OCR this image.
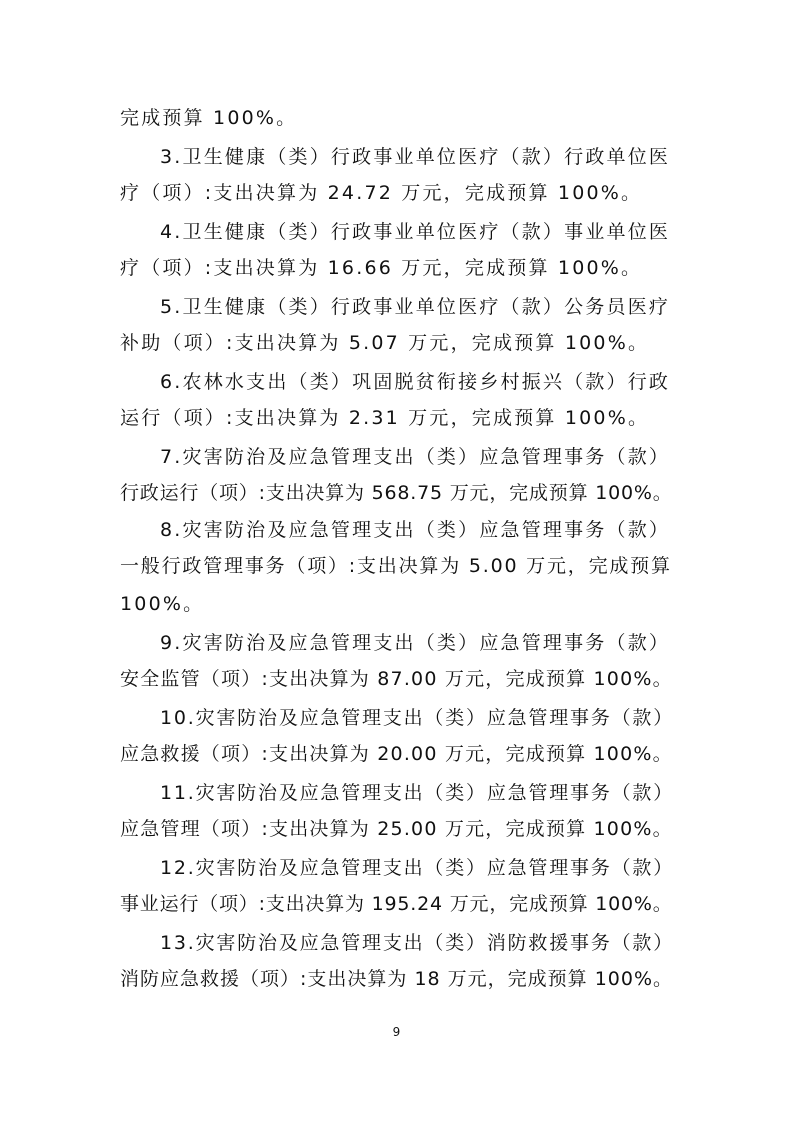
完成预算 100%。
3.卫生健康（类）行政事业单位医疗（款）行政单位医
疗（项）:支出决算为 24.72 万元，完成预算 100%。
4.卫生健康（类）行政事业单位医疗（款）事业单位医
疗（项）:支出决算为 16.66 万元，完成预算 100%。
5.卫生健康（类）行政事业单位医疗（款）公务员医疗
补助（项）:支出决算为 5.07 万元，完成预算 100%。
6.农林水支出（类）巩固脱贫衔接乡村振兴（款）行政
运行（项）:支出决算为 2.31 万元，完成预算 100%。
7.灾害防治及应急管理支出（类）应急管理事务（款）
行政运行（项）:支出决算为 568.75 万元，完成预算 100%。
8.灾害防治及应急管理支出（类）应急管理事务（款）
一般行政管理事务（项）:支出决算为 5.00 万元，完成预算
100%。
9.灾害防治及应急管理支出（类）应急管理事务（款）
安全监管（项）:支出决算为 87.00 万元，完成预算 100%。
10.灾害防治及应急管理支出（类）应急管理事务（款）
应急救援（项）:支出决算为 20.00 万元，完成预算 100%。
11.灾害防治及应急管理支出（类）应急管理事务（款）
应急管理（项）:支出决算为 25.00 万元，完成预算 100%。
12.灾害防治及应急管理支出（类）应急管理事务（款）
事业运行（项）:支出决算为 195.24 万元，完成预算 100%。
13.灾害防治及应急管理支出（类）消防救援事务（款）
消防应急救援（项）:支出决算为 18 万元，完成预算 100%。
9
